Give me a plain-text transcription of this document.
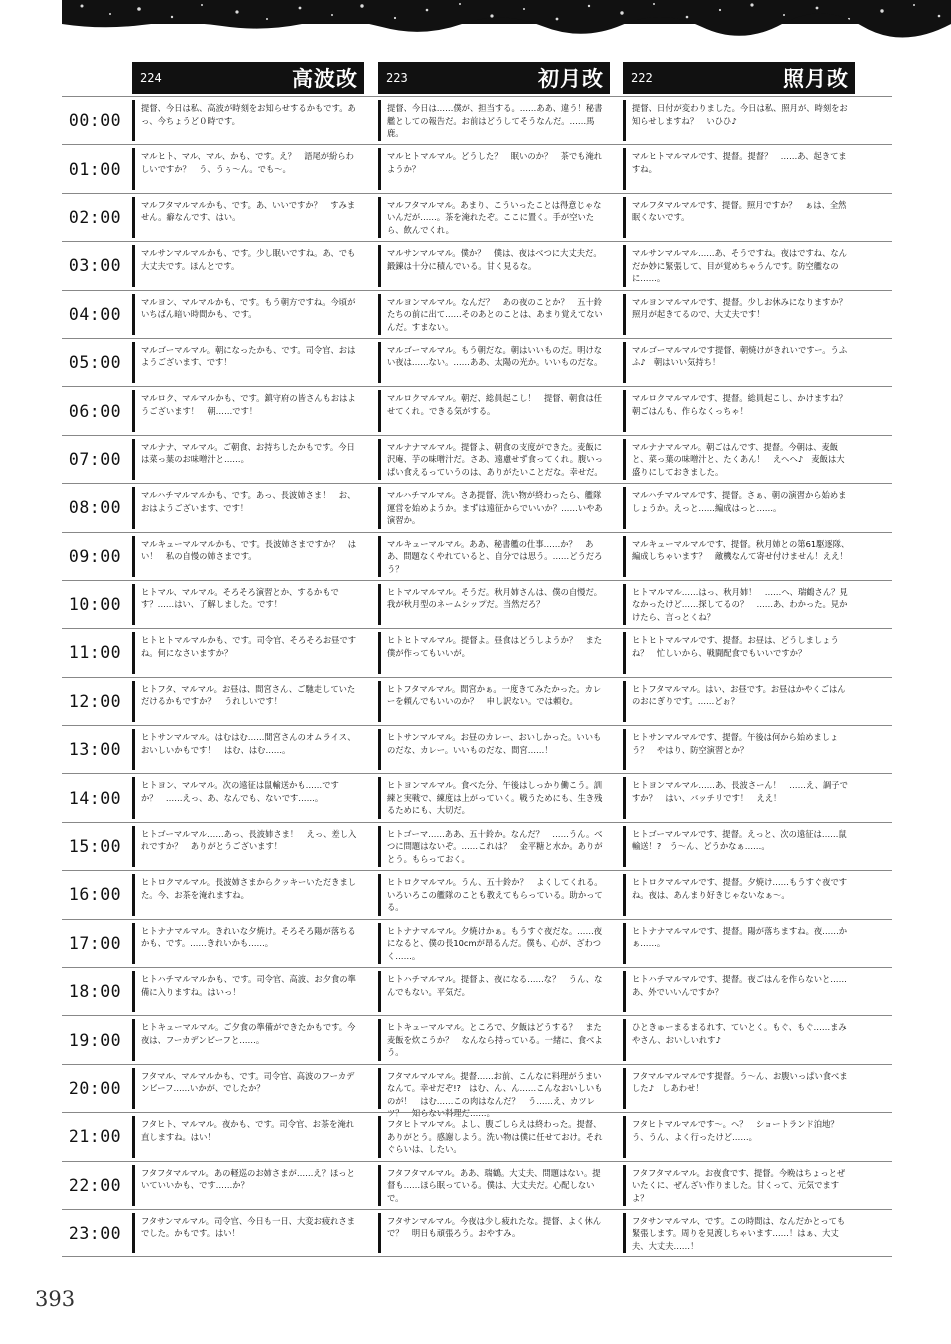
224	高波改 223	初月改 222	照月改
00:00
提督、今日は私、高波が時刻をお知らせするかもです。あっ、今ちょうど０時です。
提督、今日は……僕が、担当する。……ああ、違う！秘書艦としての報告だ。お前はどうしてそうなんだ。……馬鹿。
提督、日付が変わりました。今日は私、照月が、時刻をお知らせしますね？　いひひ♪
01:00
マルヒト、マル、マル、かも、です。え？　語尾が紛らわしいですか？　う、うぅ～ん。でも～。
マルヒトマルマル。どうした？　眠いのか？　茶でも淹れようか？
マルヒトマルマルです、提督。提督？　……あ、起きてますね。
02:00
マルフタマルマルかも、です。あ、いいですか？　すみません。癖なんです、はい。
マルフタマルマル。あまり、こういったことは得意じゃないんだが……。茶を淹れたぞ。ここに置く。手が空いたら、飲んでくれ。
マルフタマルマルです、提督。照月ですか？　ぁは、全然眠くないです。
03:00
マルサンマルマルかも、です。少し眠いですね。あ、でも大丈夫です。ほんとです。
マルサンマルマル。僕か？　僕は、夜はべつに大丈夫だ。鍛錬は十分に積んでいる。甘く見るな。
マルサンマルマル……あ、そうですね。夜はですね、なんだか妙に緊張して、目が覚めちゃうんです。防空艦なのに……。
04:00
マルヨン、マルマルかも、です。もう朝方ですね。今頃がいちばん暗い時間かも、です。
マルヨンマルマル。なんだ？　あの夜のことか？　五十鈴たちの前に出て……そのあとのことは、あまり覚えてないんだ。すまない。
マルヨンマルマルです、提督。少しお休みになりますか？　照月が起きてるので、大丈夫です！
05:00
マルゴーマルマル。朝になったかも、です。司令官、おはようございます、です！
マルゴーマルマル。もう朝だな。朝はいいものだ。明けない夜は……ない。……ああ、太陽の光か。いいものだな。
マルゴーマルマルです提督、朝焼けがきれいですー。うふふ♪　朝はいい気持ち！
06:00
マルロク、マルマルかも、です。鎮守府の皆さんもおはようございます！　朝……です！
マルロクマルマル。朝だ、総員起こし！　提督、朝食は任せてくれ。できる気がする。
マルロクマルマルです、提督。総員起こし、かけますね？　朝ごはんも、作らなくっちゃ！
07:00
マルナナ、マルマル。ご朝食、お持ちしたかもです。今日は菜っ葉のお味噌汁と……。
マルナナマルマル。提督よ、朝食の支度ができた。麦飯に沢庵、芋の味噌汁だ。さあ、遠慮せず食ってくれ。腹いっぱい食えるっていうのは、ありがたいことだな。幸せだ。
マルナナマルマル。朝ごはんです、提督。今朝は、麦飯と、菜っ葉の味噌汁と、たくあん！　えへへ♪　麦飯は大盛りにしておきました。
08:00
マルハチマルマルかも、です。あっ、長波姉さま！　お、おはようございます、です！
マルハチマルマル。さあ提督、洗い物が終わったら、艦隊運営を始めようか。まずは遠征からでいいか？……いやあ演習か。
マルハチマルマルです、提督。さぁ、朝の演習から始めましょうか。えっと……編成はっと……。
09:00
マルキューマルマルかも、です。長波姉さまですか？　はい！　私の自慢の姉さまです。
マルキューマルマル。ああ、秘書艦の仕事……か？　ああ、問題なくやれていると、自分では思う。……どうだろう？
マルキューマルマルです、提督。秋月姉との第61駆逐隊、編成しちゃいます？　敵機なんて寄せ付けません！ええ！
10:00
ヒトマル、マルマル。そろそろ演習とか、するかもです？……はい、了解しました。です！
ヒトマルマルマル。そうだ。秋月姉さんは、僕の自慢だ。我が秋月型のネームシップだ。当然だろ？
ヒトマルマル……はっ、秋月姉！　……へ、瑞鶴さん？見なかったけど……探してるの？　……あ、わかった。見かけたら、言っとくね？
11:00
ヒトヒトマルマルかも、です。司令官、そろそろお昼ですね。何になさいますか？
ヒトヒトマルマル。提督よ。昼食はどうしようか？　また僕が作ってもいいが。
ヒトヒトマルマルです、提督。お昼は、どうしましょうね？　忙しいから、戦闘配食でもいいですか？
12:00
ヒトフタ、マルマル。お昼は、間宮さん、ご馳走していただけるかもですか？　うれしいです！
ヒトフタマルマル。間宮かぁ。一度きてみたかった。カレーを頼んでもいいのか？　申し訳ない。では頼む。
ヒトフタマルマル。はい、お昼です。お昼はかやくごはんのおにぎりです。……どぉ？
13:00
ヒトサンマルマル。はむはむ……間宮さんのオムライス、おいしいかもです！　はむ、はむ……。
ヒトサンマルマル。お昼のカレー、おいしかった。いいものだな、カレー。いいものだな、間宮……！
ヒトサンマルマルです、提督。午後は何から始めましょう？　やはり、防空演習とか？
14:00
ヒトヨン、マルマル。次の遠征は鼠輸送かも……ですか？　……えっ、あ、なんでも、ないです……。
ヒトヨンマルマル。食べた分、午後はしっかり働こう。訓練と実戦で、練度は上がっていく。戦うためにも、生き残るためにも、大切だ。
ヒトヨンマルマル……あ、長波さーん！　……え、調子ですか？　はい、バッチリです！　ええ！
15:00
ヒトゴーマルマル……あっ、長波姉さま！　えっ、差し入れですか？　ありがとうございます！
ヒトゴーマ……ああ、五十鈴か。なんだ？　……うん。べつに問題はないぞ。……これは？　金平糖と水か。ありがとう。もらっておく。
ヒトゴーマルマルです、提督。えっと、次の遠征は……鼠輸送！?　う～ん、どうかなぁ……。
16:00
ヒトロクマルマル。長波姉さまからクッキーいただきました。今、お茶を淹れますね。
ヒトロクマルマル。うん、五十鈴か？　よくしてくれる。いろいろこの艦隊のことも教えてもらっている。助かってる。
ヒトロクマルマルです、提督。夕焼け……もうすぐ夜ですね。夜は、あんまり好きじゃないなぁ～。
17:00
ヒトナナマルマル。きれいな夕焼け。そろそろ陽が落ちるかも、です。……きれいかも……。
ヒトナナマルマル。夕焼けかぁ。もうすぐ夜だな。……夜になると、僕の長10cmが昂るんだ。僕も、心が、ざわつく……。
ヒトナナマルマルです、提督。陽が落ちますね。夜……かぁ……。
18:00
ヒトハチマルマルかも、です。司令官、高波、お夕食の準備に入りますね。はいっ！
ヒトハチマルマル。提督よ、夜になる……な？　うん、なんでもない。平気だ。
ヒトハチマルマルです、提督。夜ごはんを作らないと……あ、外でいいんですか？
19:00
ヒトキューマルマル。ご夕食の準備ができたかもです。今夜は、フーカデンビーフと……。
ヒトキューマルマル。ところで、夕飯はどうする？　また麦飯を炊こうか？　なんなら持っている。一緒に、食べよう。
ひときゅーまるまるれす、ていとく。もぐ、もぐ……まみやさん、おいしいれす♪
20:00
フタマル、マルマルかも、です。司令官、高波のフーカデンビーフ……いかが、でしたか？
フタマルマルマル。提督……お前、こんなに料理がうまいなんて。幸せだぞ!?　はむ、ん、ん……こんなおいしいものが！　はむ……この肉はなんだ？　う……え、カツレツ？　知らない料理だ……。
フタマルマルマルです提督。う～ん、お腹いっぱい食べました♪　しあわせ！
21:00
フタヒト、マルマル。夜かも、です。司令官、お茶を淹れ直しますね。はい！
フタヒトマルマル。よし、腹ごしらえは終わった。提督、ありがとう。感謝しよう。洗い物は僕に任せておけ。それぐらいは、したい。
フタヒトマルマルです～。へ？　ショートランド泊地？　う、うん、よく行ったけど……。
22:00
フタフタマルマル。あの軽巡のお姉さまが……え？ほっといていいかも、です……か？
フタフタマルマル。ああ、瑞鶴。大丈夫、問題はない。提督も……ほら眠っている。僕は、大丈夫だ。心配しないで。
フタフタマルマル。お夜食です、提督。今晩はちょっとぜいたくに、ぜんざい作りました。甘くって、元気でますよ？
23:00
フタサンマルマル。司令官、今日も一日、大変お疲れさまでした。かもです。はい！
フタサンマルマル。今夜は少し疲れたな。提督、よく休んで？　明日も頑張ろう。おやすみ。
フタサンマルマル、です。この時間は、なんだかとっても緊張します。周りを見渡しちゃいます……！はぁ、大丈夫、大丈夫……！
393
